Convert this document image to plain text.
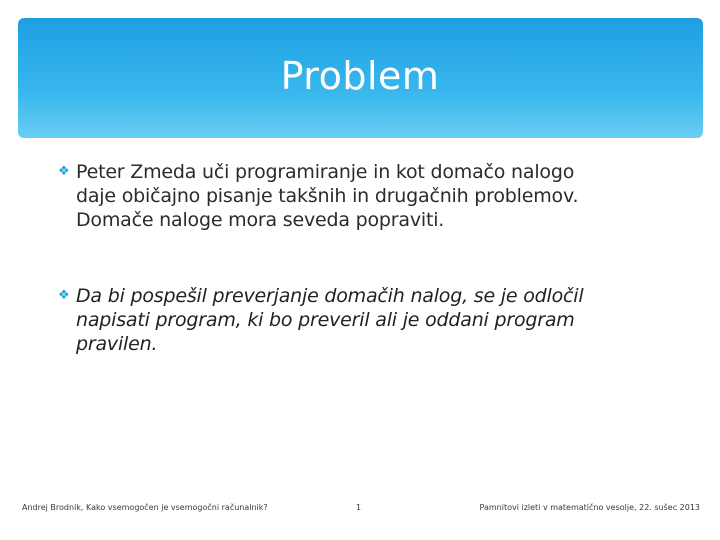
Problem
❖ Peter Zmeda uči programiranje in kot domačo nalogo
daje običajno pisanje takšnih in drugačnih problemov.
Domače naloge mora seveda popraviti.
❖ Da bi pospešil preverjanje domačih nalog, se je odločil
napisati program, ki bo preveril ali je oddani program
pravilen.
Andrej Brodnik, Kako vsemogočen je vsemogočni računalnik?	1	Pamnitovi izleti v matematično vesolje, 22. sušec 2013
